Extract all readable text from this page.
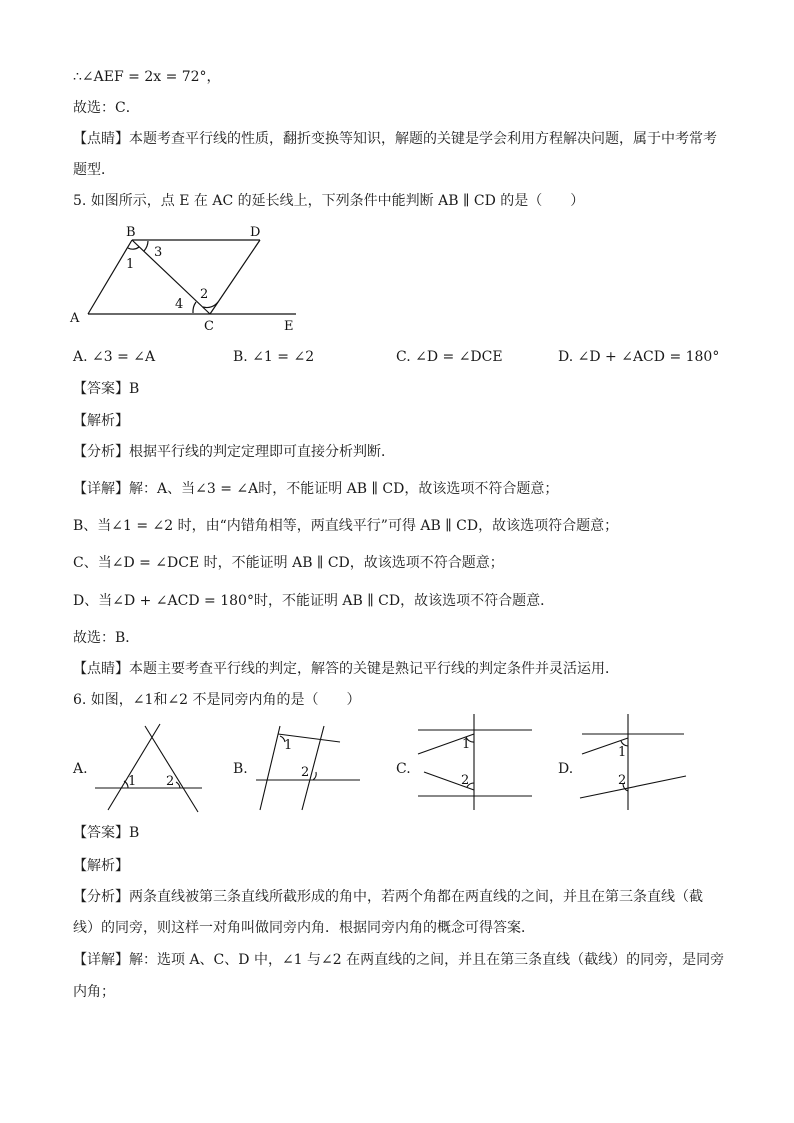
∴∠AEF = 2x = 72°，
故选：C．
【点睛】本题考查平行线的性质，翻折变换等知识，解题的关键是学会利用方程解决问题，属于中考常考
题型．
5. 如图所示，点 E 在 AC 的延长线上，下列条件中能判断 AB ∥ CD 的是（　　）
A
B	D
C	E
3
1
2
4
A. ∠3 = ∠A	B. ∠1 = ∠2	C. ∠D = ∠DCE	D. ∠D + ∠ACD = 180°
【答案】B
【解析】
【分析】根据平行线的判定定理即可直接分析判断．
【详解】解：A、当∠3 = ∠A时，不能证明 AB ∥ CD，故该选项不符合题意；
B、当∠1 = ∠2 时，由“内错角相等，两直线平行”可得 AB ∥ CD，故该选项符合题意；
C、当∠D = ∠DCE 时，不能证明 AB ∥ CD，故该选项不符合题意；
D、当∠D + ∠ACD = 180°时，不能证明 AB ∥ CD，故该选项不符合题意．
故选：B．
【点睛】本题主要考查平行线的判定，解答的关键是熟记平行线的判定条件并灵活运用．
6. 如图，∠1和∠2 不是同旁内角的是（　　）
A.
1 2
B.
1
2	C.
1
2
D.
1
2
【答案】B
【解析】
【分析】两条直线被第三条直线所截形成的角中，若两个角都在两直线的之间，并且在第三条直线（截
线）的同旁，则这样一对角叫做同旁内角．根据同旁内角的概念可得答案．
【详解】解：选项 A、C、D 中，∠1 与∠2 在两直线的之间，并且在第三条直线（截线）的同旁，是同旁
内角；
